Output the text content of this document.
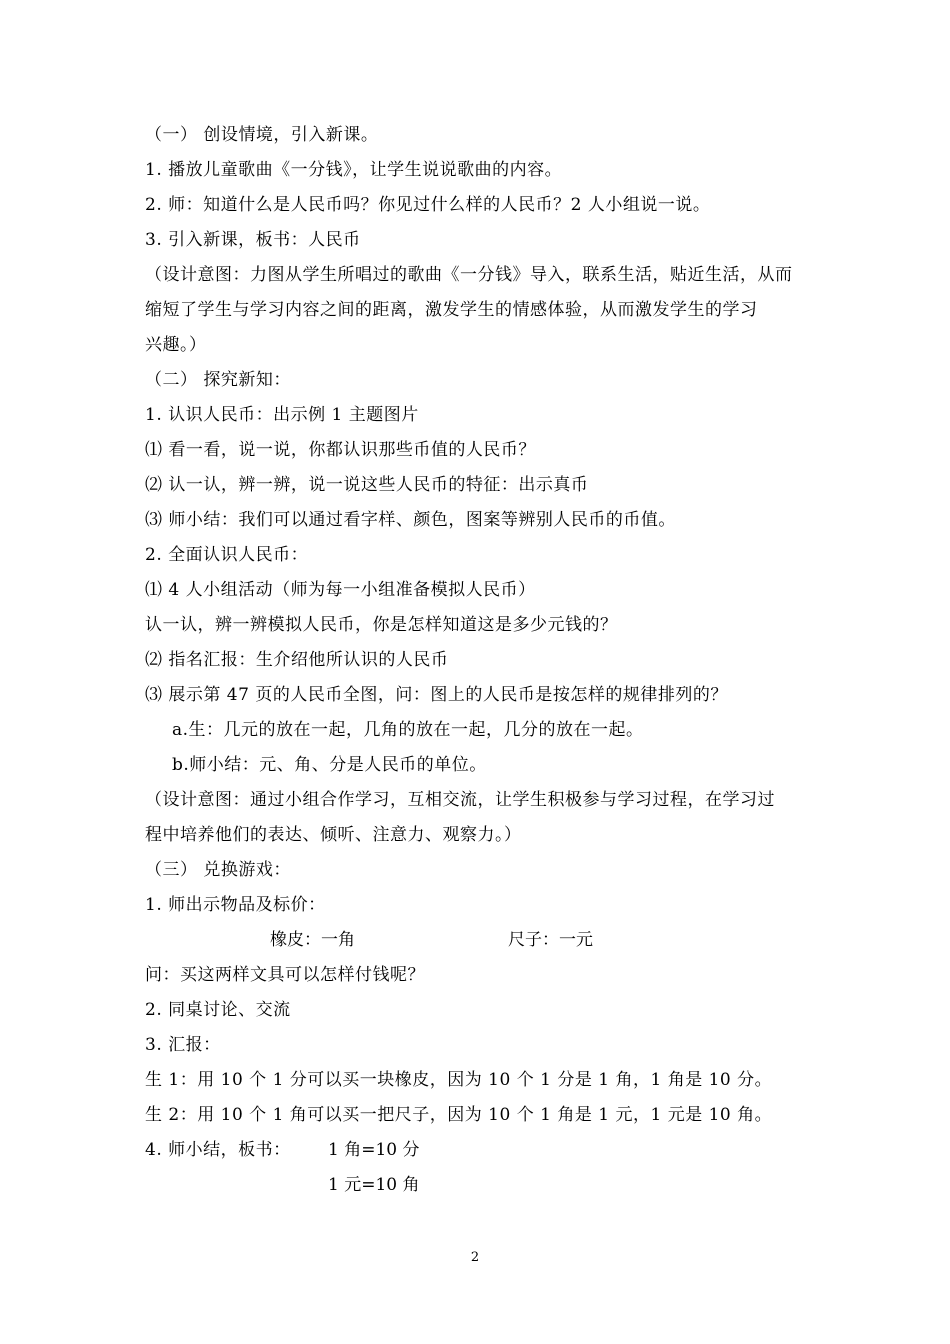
（一） 创设情境，引入新课。
1. 播放儿童歌曲《一分钱》，让学生说说歌曲的内容。
2. 师：知道什么是人民币吗？你见过什么样的人民币？2 人小组说一说。
3. 引入新课，板书：人民币
（设计意图：力图从学生所唱过的歌曲《一分钱》导入，联系生活，贴近生活，从而
缩短了学生与学习内容之间的距离，激发学生的情感体验，从而激发学生的学习
兴趣。）
（二） 探究新知：
1. 认识人民币：出示例 1 主题图片
⑴ 看一看，说一说，你都认识那些币值的人民币？
⑵ 认一认，辨一辨，说一说这些人民币的特征：出示真币
⑶ 师小结：我们可以通过看字样、颜色，图案等辨别人民币的币值。
2. 全面认识人民币：
⑴ 4 人小组活动（师为每一小组准备模拟人民币）
认一认，辨一辨模拟人民币，你是怎样知道这是多少元钱的？
⑵ 指名汇报：生介绍他所认识的人民币
⑶ 展示第 47 页的人民币全图，问：图上的人民币是按怎样的规律排列的？
a.生：几元的放在一起，几角的放在一起，几分的放在一起。
b.师小结：元、角、分是人民币的单位。
（设计意图：通过小组合作学习，互相交流，让学生积极参与学习过程，在学习过
程中培养他们的表达、倾听、注意力、观察力。）
（三） 兑换游戏：
1. 师出示物品及标价：
橡皮：一角	尺子：一元
问：买这两样文具可以怎样付钱呢？
2. 同桌讨论、交流
3. 汇报：
生 1：用 10 个 1 分可以买一块橡皮，因为 10 个 1 分是 1 角，1 角是 10 分。
生 2：用 10 个 1 角可以买一把尺子，因为 10 个 1 角是 1 元，1 元是 10 角。
4. 师小结，板书： 1 角=10 分
1 元=10 角
2
